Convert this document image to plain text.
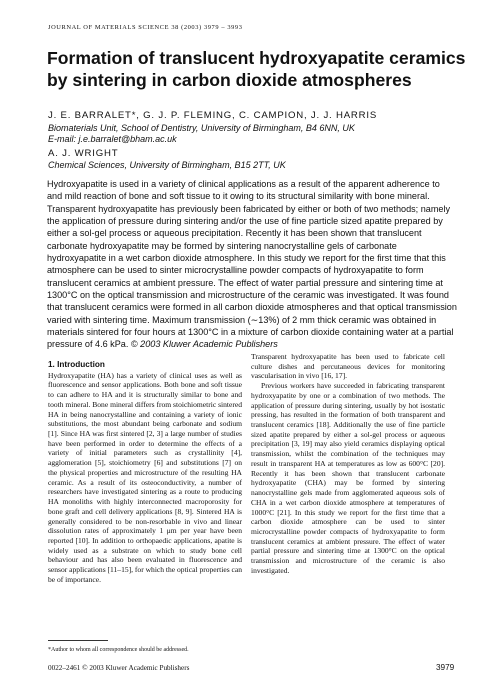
JOURNAL OF MATERIALS SCIENCE 38 (2003) 3979 – 3993
Formation of translucent hydroxyapatite ceramics
by sintering in carbon dioxide atmospheres
J. E. BARRALET*, G. J. P. FLEMING, C. CAMPION, J. J. HARRIS
Biomaterials Unit, School of Dentistry, University of Birmingham, B4 6NN, UK
E-mail: j.e.barralet@bham.ac.uk
A. J. WRIGHT
Chemical Sciences, University of Birmingham, B15 2TT, UK

Hydroxyapatite is used in a variety of clinical applications as a result of the apparent adherence to and mild reaction of bone and soft tissue to it owing to its structural similarity with bone mineral. Transparent hydroxyapatite has previously been fabricated by either or both of two methods; namely the application of pressure during sintering and/or the use of fine particle sized apatite prepared by either a sol-gel process or aqueous precipitation. Recently it has been shown that translucent carbonate hydroxyapatite may be formed by sintering nanocrystalline gels of carbonate hydroxyapatite in a wet carbon dioxide atmosphere. In this study we report for the first time that this atmosphere can be used to sinter microcrystalline powder compacts of hydroxyapatite to form translucent ceramics at ambient pressure. The effect of water partial pressure and sintering time at 1300°C on the optical transmission and microstructure of the ceramic was investigated. It was found that translucent ceramics were formed in all carbon dioxide atmospheres and that optical transmission varied with sintering time. Maximum transmission (∼13%) of 2 mm thick ceramic was obtained in materials sintered for four hours at 1300°C in a mixture of carbon dioxide containing water at a partial pressure of 4.6 kPa. © 2003 Kluwer Academic Publishers

1. Introduction

Hydroxyapatite (HA) has a variety of clinical uses as well as fluorescence and sensor applications. Both bone and soft tissue to can adhere to HA and it is structurally similar to bone and tooth mineral. Bone mineral differs from stoichiometric sintered HA in being nanocrystalline and containing a variety of ionic substitutions, the most abundant being carbonate and sodium [1]. Since HA was first sintered [2, 3] a large number of studies have been performed in order to determine the effects of a variety of initial parameters such as crystallinity [4], agglomeration [5], stoichiometry [6] and substitutions [7] on the physical properties and microstructure of the resulting HA ceramic. As a result of its osteoconductivity, a number of researchers have investigated sintering as a route to producing HA monoliths with highly interconnected macroporosity for bone graft and cell delivery applications [8, 9]. Sintered HA is generally considered to be non-resorbable in vivo and linear dissolution rates of approximately 1 μm per year have been reported [10]. In addition to orthopaedic applications, apatite is widely used as a substrate on which to study bone cell behaviour and has also been evaluated in fluorescence and sensor applications [11–15], for which the optical properties can be of importance.

Transparent hydroxyapatite has been used to fabricate cell culture dishes and percutaneous devices for monitoring vascularisation in vivo [16, 17].

Previous workers have succeeded in fabricating transparent hydroxyapatite by one or a combination of two methods. The application of pressure during sintering, usually by hot isostatic pressing, has resulted in the formation of both transparent and translucent ceramics [18]. Additionally the use of fine particle sized apatite prepared by either a sol-gel process or aqueous precipitation [3, 19] may also yield ceramics displaying optical transmission, whilst the combination of the techniques may result in transparent HA at temperatures as low as 600°C [20]. Recently it has been shown that translucent carbonate hydroxyapatite (CHA) may be formed by sintering nanocrystalline gels made from agglomerated aqueous sols of CHA in a wet carbon dioxide atmosphere at temperatures of 1000°C [21]. In this study we report for the first time that a carbon dioxide atmosphere can be used to sinter microcrystalline powder compacts of hydroxyapatite to form translucent ceramics at ambient pressure. The effect of water partial pressure and sintering time at 1300°C on the optical transmission and microstructure of the ceramic is also investigated.

*Author to whom all correspondence should be addressed.
0022–2461 © 2003 Kluwer Academic Publishers	3979
